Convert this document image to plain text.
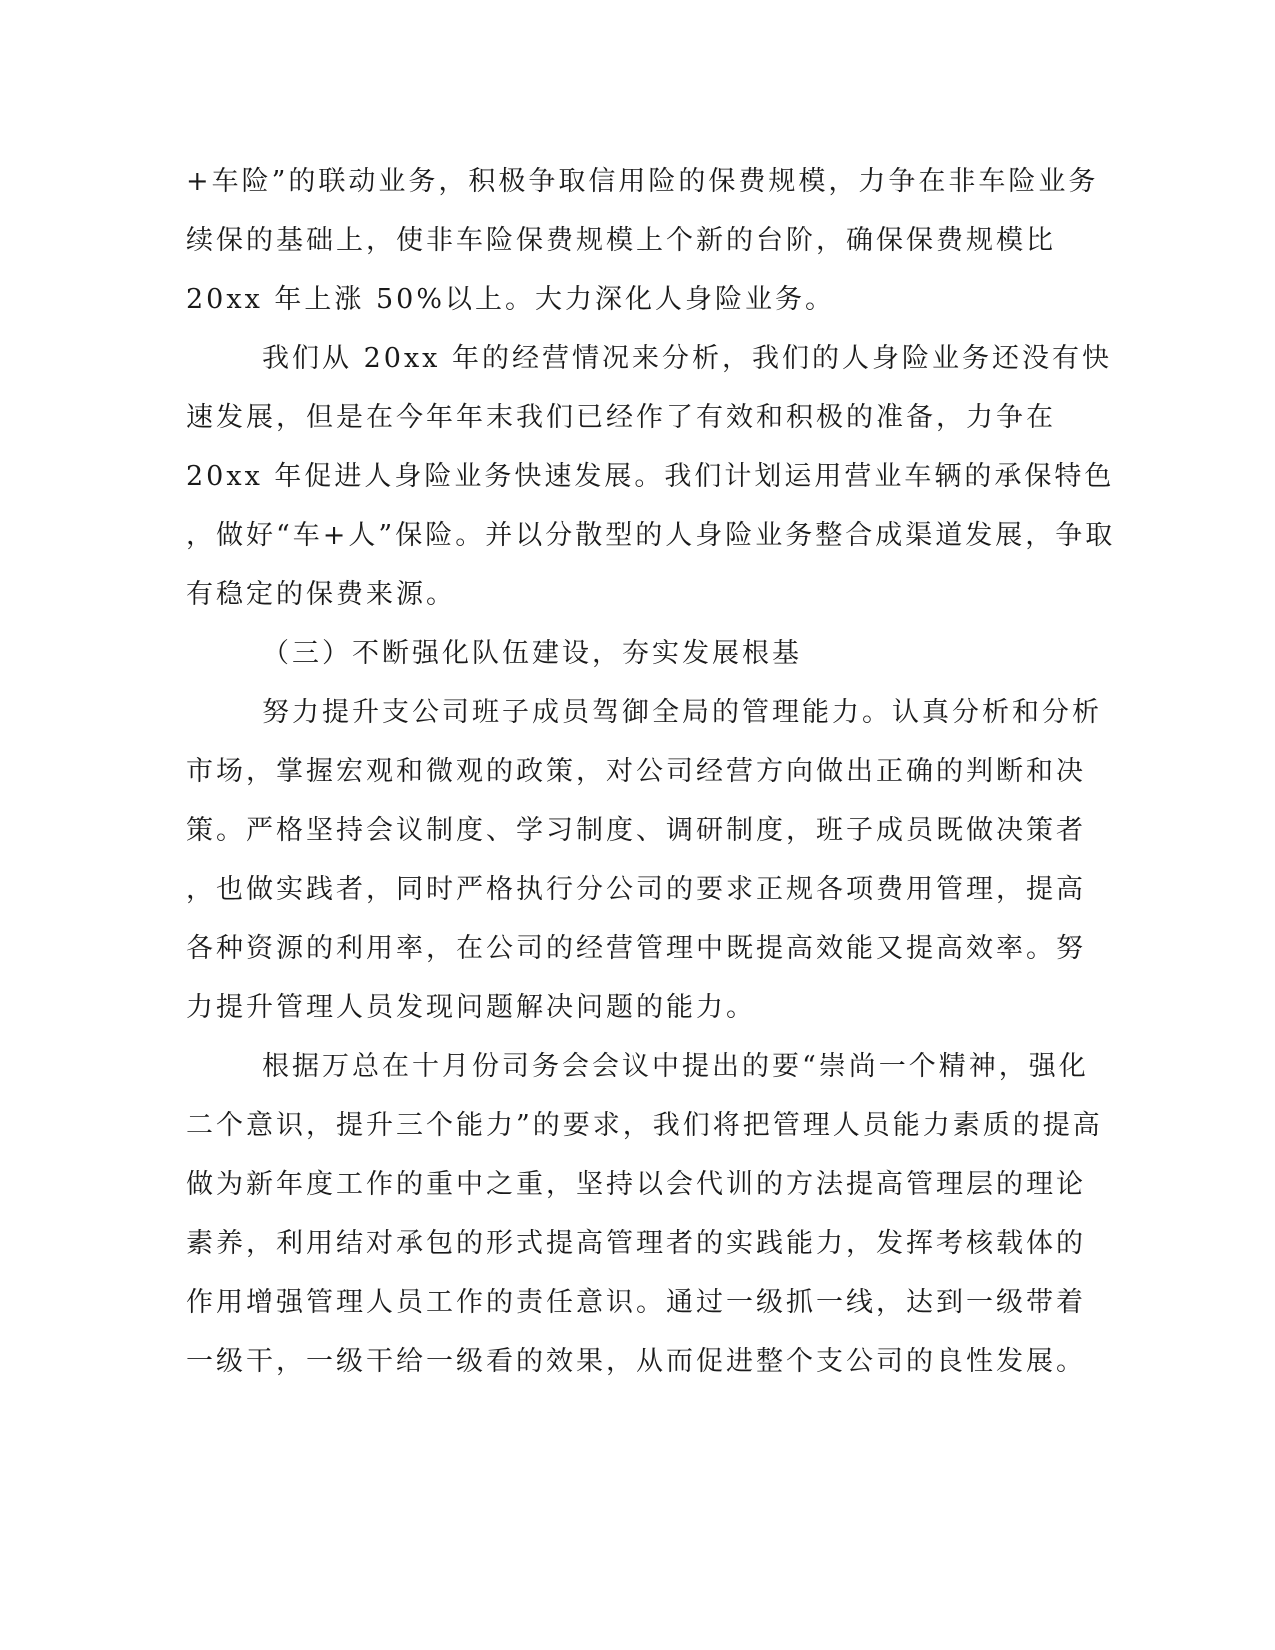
+车险”的联动业务，积极争取信用险的保费规模，力争在非车险业务
续保的基础上，使非车险保费规模上个新的台阶，确保保费规模比
20xx 年上涨 50%以上。大力深化人身险业务。
我们从 20xx 年的经营情况来分析，我们的人身险业务还没有快
速发展，但是在今年年末我们已经作了有效和积极的准备，力争在
20xx 年促进人身险业务快速发展。我们计划运用营业车辆的承保特色
，做好“车+人”保险。并以分散型的人身险业务整合成渠道发展，争取
有稳定的保费来源。
（三）不断强化队伍建设，夯实发展根基
努力提升支公司班子成员驾御全局的管理能力。认真分析和分析
市场，掌握宏观和微观的政策，对公司经营方向做出正确的判断和决
策。严格坚持会议制度、学习制度、调研制度，班子成员既做决策者
，也做实践者，同时严格执行分公司的要求正规各项费用管理，提高
各种资源的利用率，在公司的经营管理中既提高效能又提高效率。努
力提升管理人员发现问题解决问题的能力。
根据万总在十月份司务会会议中提出的要“崇尚一个精神，强化
二个意识，提升三个能力”的要求，我们将把管理人员能力素质的提高
做为新年度工作的重中之重，坚持以会代训的方法提高管理层的理论
素养，利用结对承包的形式提高管理者的实践能力，发挥考核载体的
作用增强管理人员工作的责任意识。通过一级抓一线，达到一级带着
一级干，一级干给一级看的效果，从而促进整个支公司的良性发展。
